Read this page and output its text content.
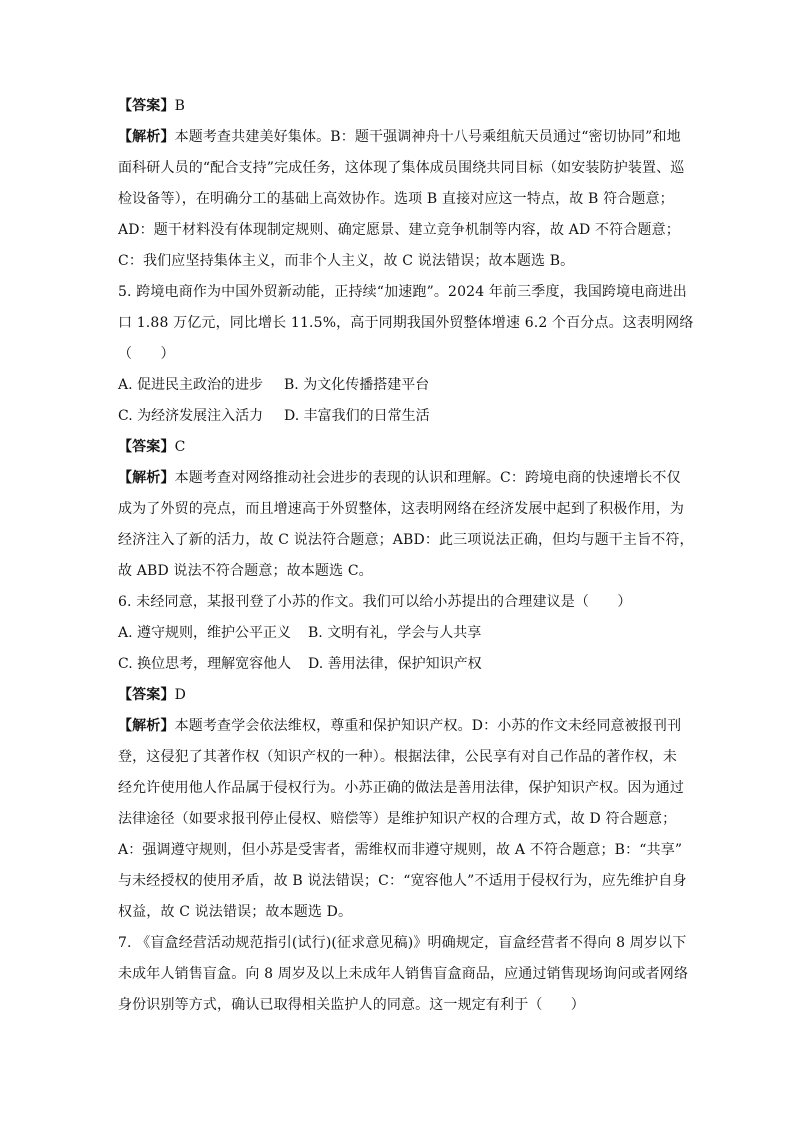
【答案】B
【解析】本题考查共建美好集体。B：题干强调神舟十八号乘组航天员通过“密切协同”和地
面科研人员的“配合支持”完成任务，这体现了集体成员围绕共同目标（如安装防护装置、巡
检设备等），在明确分工的基础上高效协作。选项 B 直接对应这一特点，故 B 符合题意；
AD：题干材料没有体现制定规则、确定愿景、建立竞争机制等内容，故 AD 不符合题意；
C：我们应坚持集体主义，而非个人主义，故 C 说法错误；故本题选 B。
5. 跨境电商作为中国外贸新动能，正持续“加速跑”。2024 年前三季度，我国跨境电商进出
口 1.88 万亿元，同比增长 11.5%，高于同期我国外贸整体增速 6.2 个百分点。这表明网络
（　　）
A. 促进民主政治的进步 B. 为文化传播搭建平台
C. 为经济发展注入活力 D. 丰富我们的日常生活
【答案】C
【解析】本题考查对网络推动社会进步的表现的认识和理解。C：跨境电商的快速增长不仅
成为了外贸的亮点，而且增速高于外贸整体，这表明网络在经济发展中起到了积极作用，为
经济注入了新的活力，故 C 说法符合题意；ABD：此三项说法正确，但均与题干主旨不符，
故 ABD 说法不符合题意；故本题选 C。
6. 未经同意，某报刊登了小苏的作文。我们可以给小苏提出的合理建议是（　　）
A. 遵守规则，维护公平正义 B. 文明有礼，学会与人共享
C. 换位思考，理解宽容他人 D. 善用法律，保护知识产权
【答案】D
【解析】本题考查学会依法维权，尊重和保护知识产权。D：小苏的作文未经同意被报刊刊
登，这侵犯了其著作权（知识产权的一种）。根据法律，公民享有对自己作品的著作权，未
经允许使用他人作品属于侵权行为。小苏正确的做法是善用法律，保护知识产权。因为通过
法律途径（如要求报刊停止侵权、赔偿等）是维护知识产权的合理方式，故 D 符合题意；
A：强调遵守规则，但小苏是受害者，需维权而非遵守规则，故 A 不符合题意；B：“共享”
与未经授权的使用矛盾，故 B 说法错误；C：“宽容他人”不适用于侵权行为，应先维护自身
权益，故 C 说法错误；故本题选 D。
7. 《盲盒经营活动规范指引(试行)(征求意见稿)》明确规定，盲盒经营者不得向 8 周岁以下
未成年人销售盲盒。向 8 周岁及以上未成年人销售盲盒商品，应通过销售现场询问或者网络
身份识别等方式，确认已取得相关监护人的同意。这一规定有利于（　　）
